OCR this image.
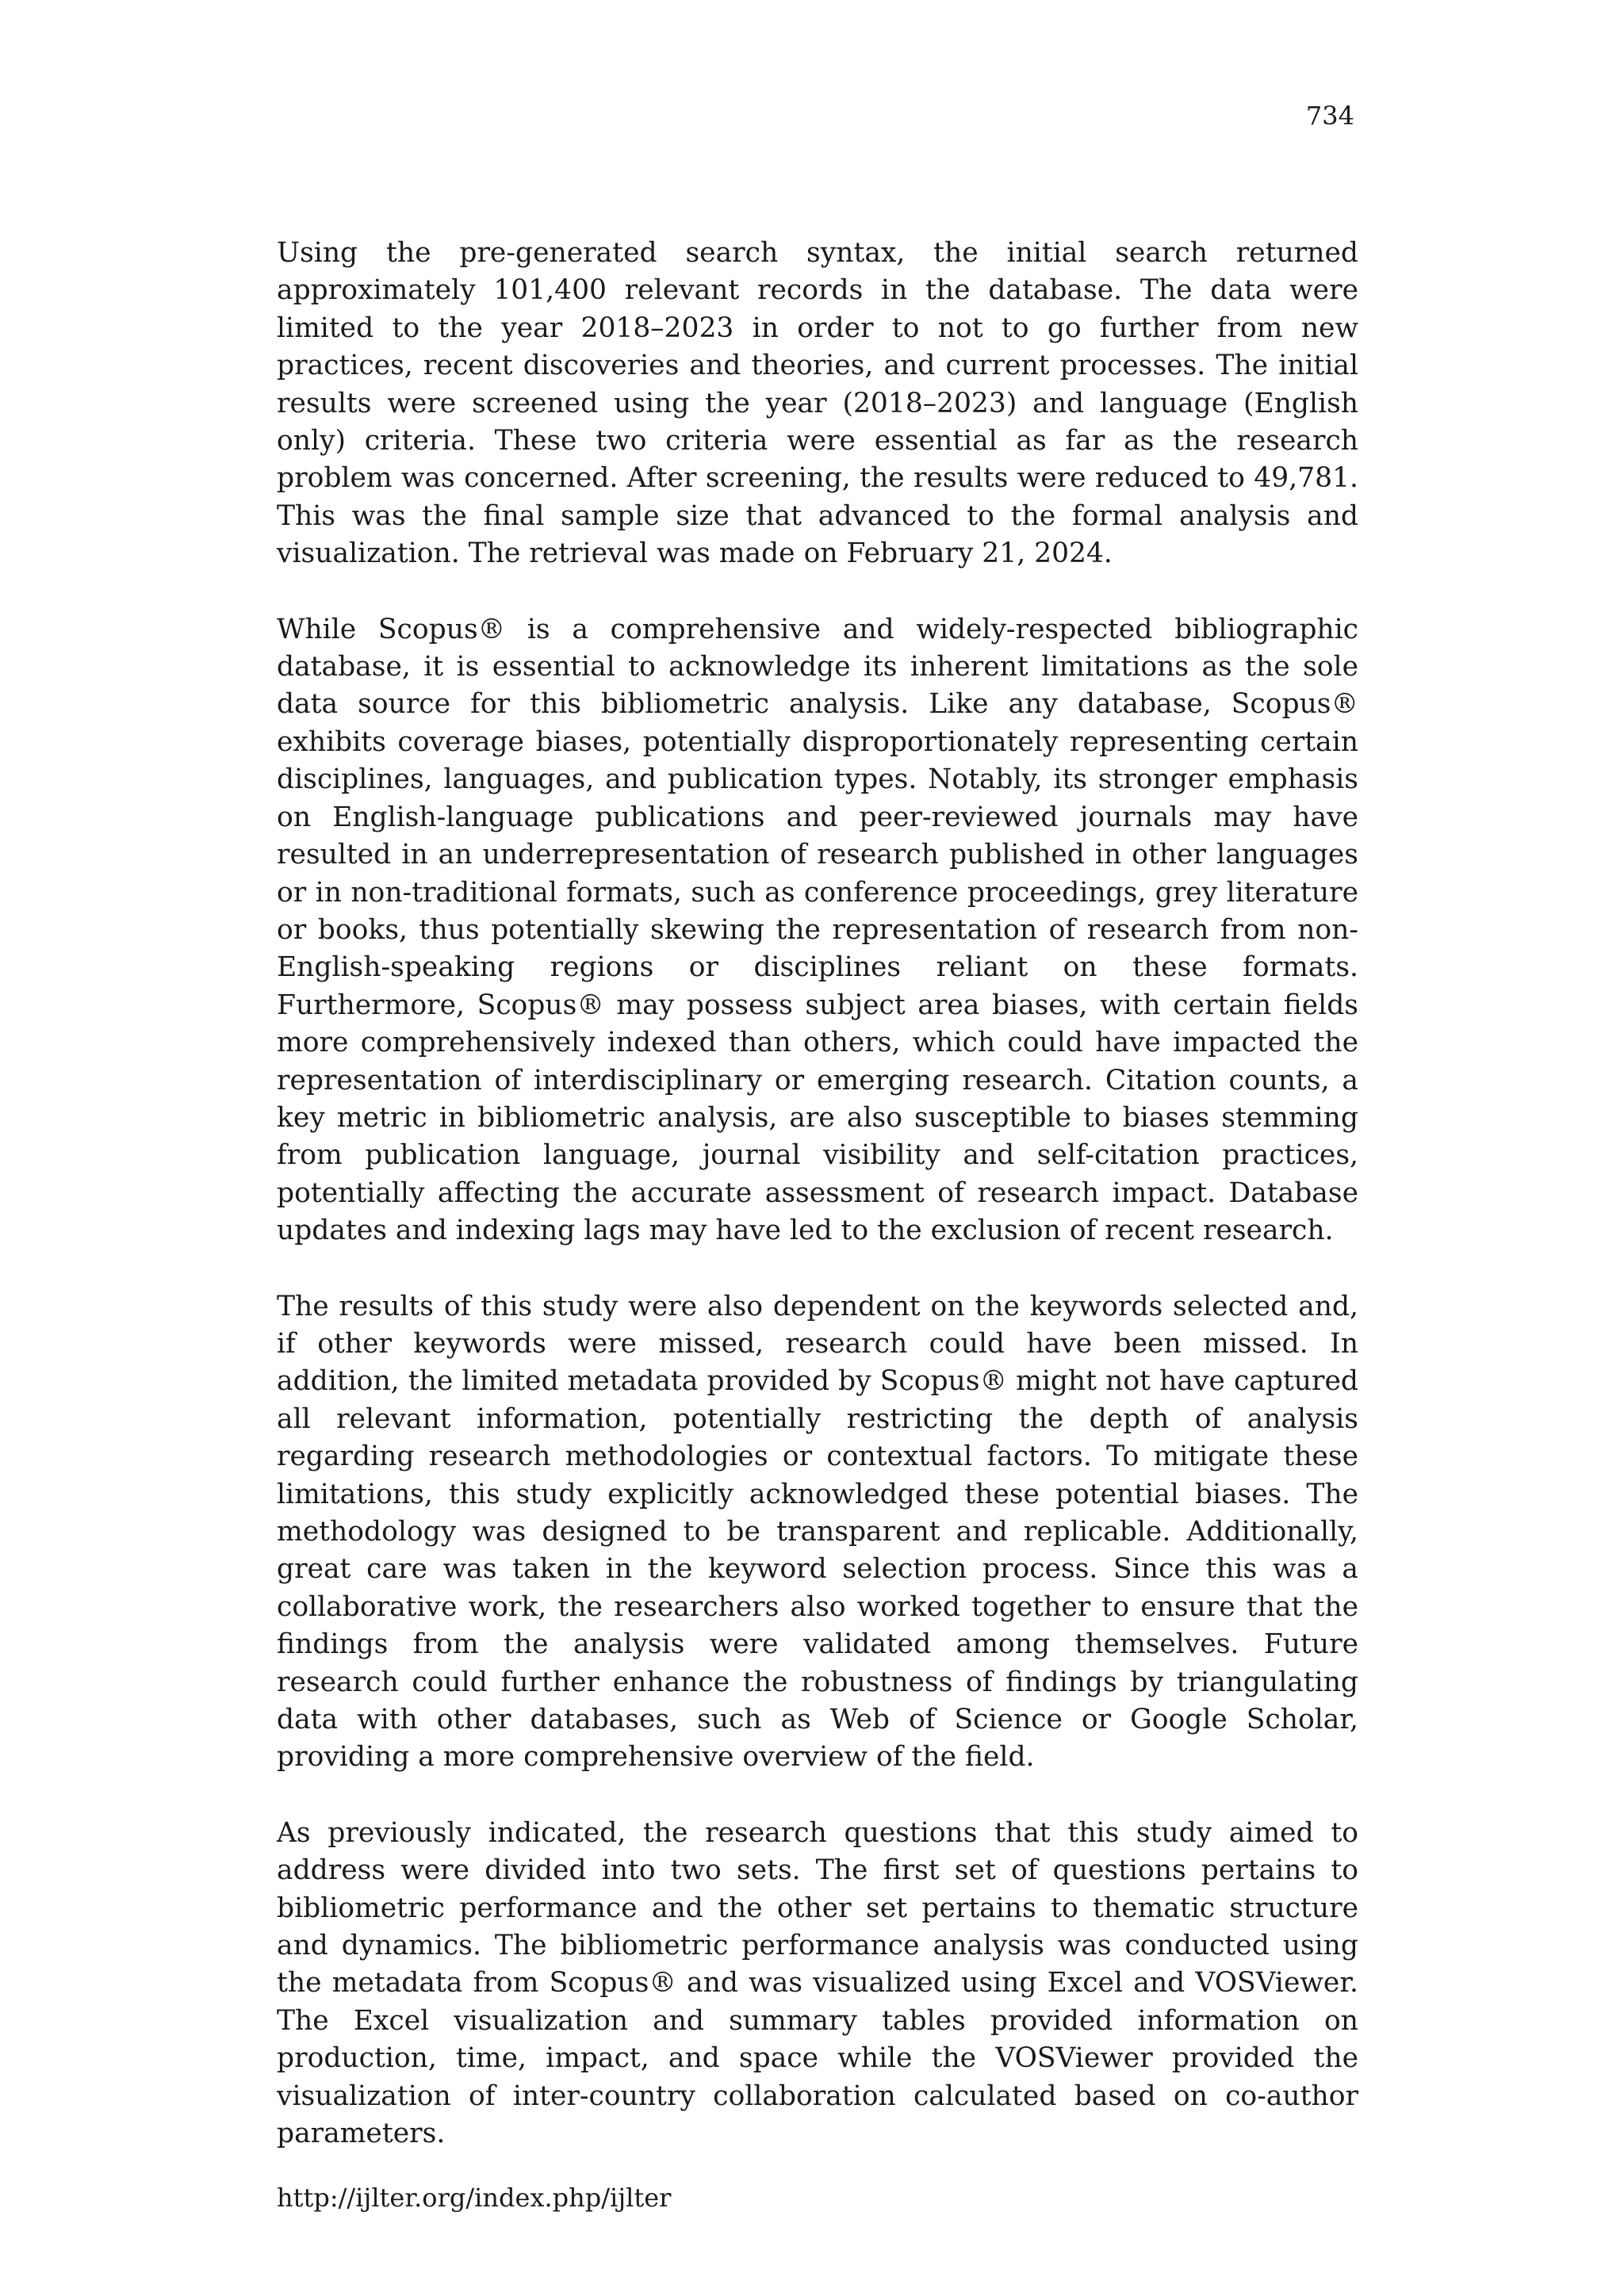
734

Using the pre-generated search syntax, the initial search returned approximately 101,400 relevant records in the database. The data were limited to the year 2018–2023 in order to not to go further from new practices, recent discoveries and theories, and current processes. The initial results were screened using the year (2018–2023) and language (English only) criteria. These two criteria were essential as far as the research problem was concerned. After screening, the results were reduced to 49,781. This was the final sample size that advanced to the formal analysis and visualization. The retrieval was made on February 21, 2024.

While Scopus® is a comprehensive and widely-respected bibliographic database, it is essential to acknowledge its inherent limitations as the sole data source for this bibliometric analysis. Like any database, Scopus® exhibits coverage biases, potentially disproportionately representing certain disciplines, languages, and publication types. Notably, its stronger emphasis on English-language publications and peer-reviewed journals may have resulted in an underrepresentation of research published in other languages or in non-traditional formats, such as conference proceedings, grey literature or books, thus potentially skewing the representation of research from non-English-speaking regions or disciplines reliant on these formats. Furthermore, Scopus® may possess subject area biases, with certain fields more comprehensively indexed than others, which could have impacted the representation of interdisciplinary or emerging research. Citation counts, a key metric in bibliometric analysis, are also susceptible to biases stemming from publication language, journal visibility and self-citation practices, potentially affecting the accurate assessment of research impact. Database updates and indexing lags may have led to the exclusion of recent research.

The results of this study were also dependent on the keywords selected and, if other keywords were missed, research could have been missed. In addition, the limited metadata provided by Scopus® might not have captured all relevant information, potentially restricting the depth of analysis regarding research methodologies or contextual factors. To mitigate these limitations, this study explicitly acknowledged these potential biases. The methodology was designed to be transparent and replicable. Additionally, great care was taken in the keyword selection process. Since this was a collaborative work, the researchers also worked together to ensure that the findings from the analysis were validated among themselves. Future research could further enhance the robustness of findings by triangulating data with other databases, such as Web of Science or Google Scholar, providing a more comprehensive overview of the field.

As previously indicated, the research questions that this study aimed to address were divided into two sets. The first set of questions pertains to bibliometric performance and the other set pertains to thematic structure and dynamics. The bibliometric performance analysis was conducted using the metadata from Scopus® and was visualized using Excel and VOSViewer. The Excel visualization and summary tables provided information on production, time, impact, and space while the VOSViewer provided the visualization of inter-country collaboration calculated based on co-author parameters.

http://ijlter.org/index.php/ijlter
